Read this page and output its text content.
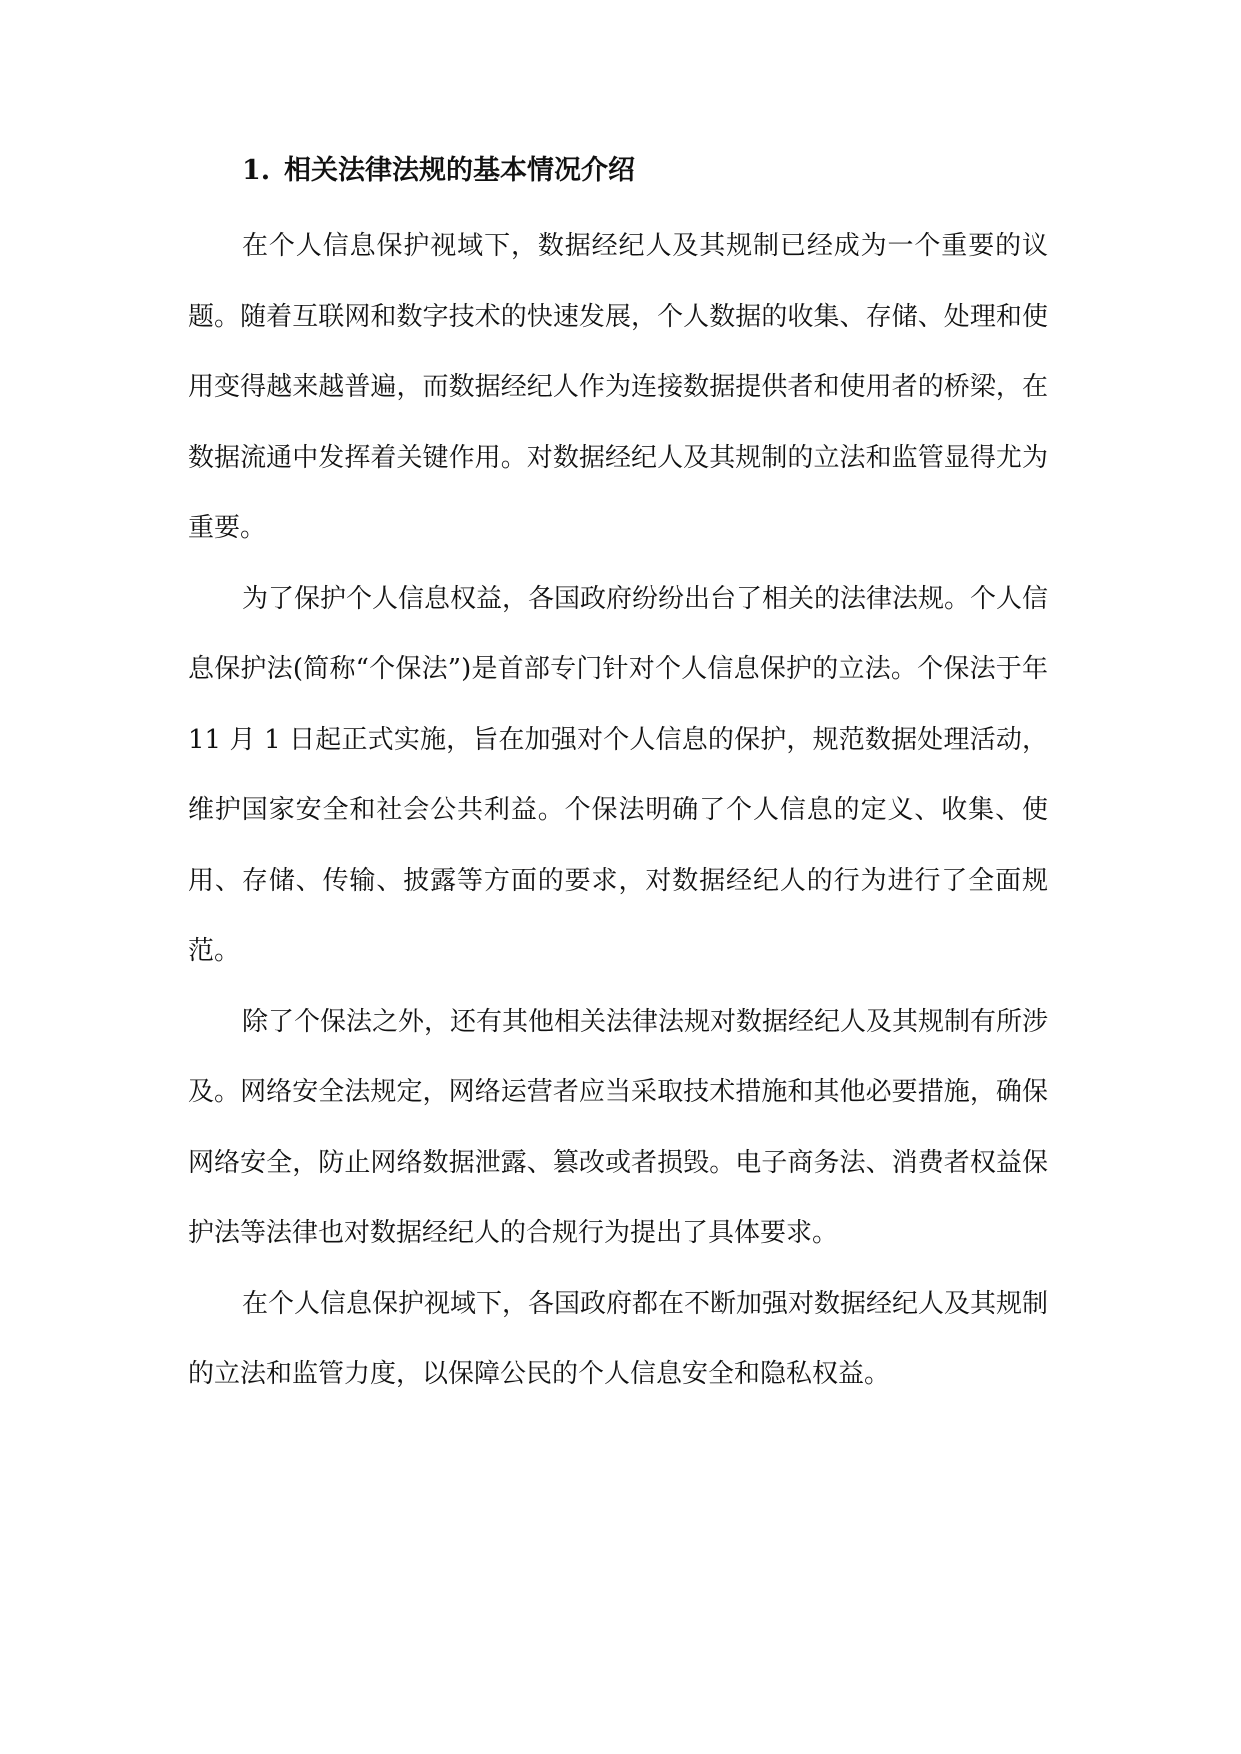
1. 相关法律法规的基本情况介绍

在个人信息保护视域下，数据经纪人及其规制已经成为一个重要的议题。随着互联网和数字技术的快速发展，个人数据的收集、存储、处理和使用变得越来越普遍，而数据经纪人作为连接数据提供者和使用者的桥梁，在数据流通中发挥着关键作用。对数据经纪人及其规制的立法和监管显得尤为重要。

为了保护个人信息权益，各国政府纷纷出台了相关的法律法规。个人信息保护法(简称“个保法”)是首部专门针对个人信息保护的立法。个保法于年 11 月 1 日起正式实施，旨在加强对个人信息的保护，规范数据处理活动，维护国家安全和社会公共利益。个保法明确了个人信息的定义、收集、使用、存储、传输、披露等方面的要求，对数据经纪人的行为进行了全面规范。

除了个保法之外，还有其他相关法律法规对数据经纪人及其规制有所涉及。网络安全法规定，网络运营者应当采取技术措施和其他必要措施，确保网络安全，防止网络数据泄露、篡改或者损毁。电子商务法、消费者权益保护法等法律也对数据经纪人的合规行为提出了具体要求。

在个人信息保护视域下，各国政府都在不断加强对数据经纪人及其规制的立法和监管力度，以保障公民的个人信息安全和隐私权益。
